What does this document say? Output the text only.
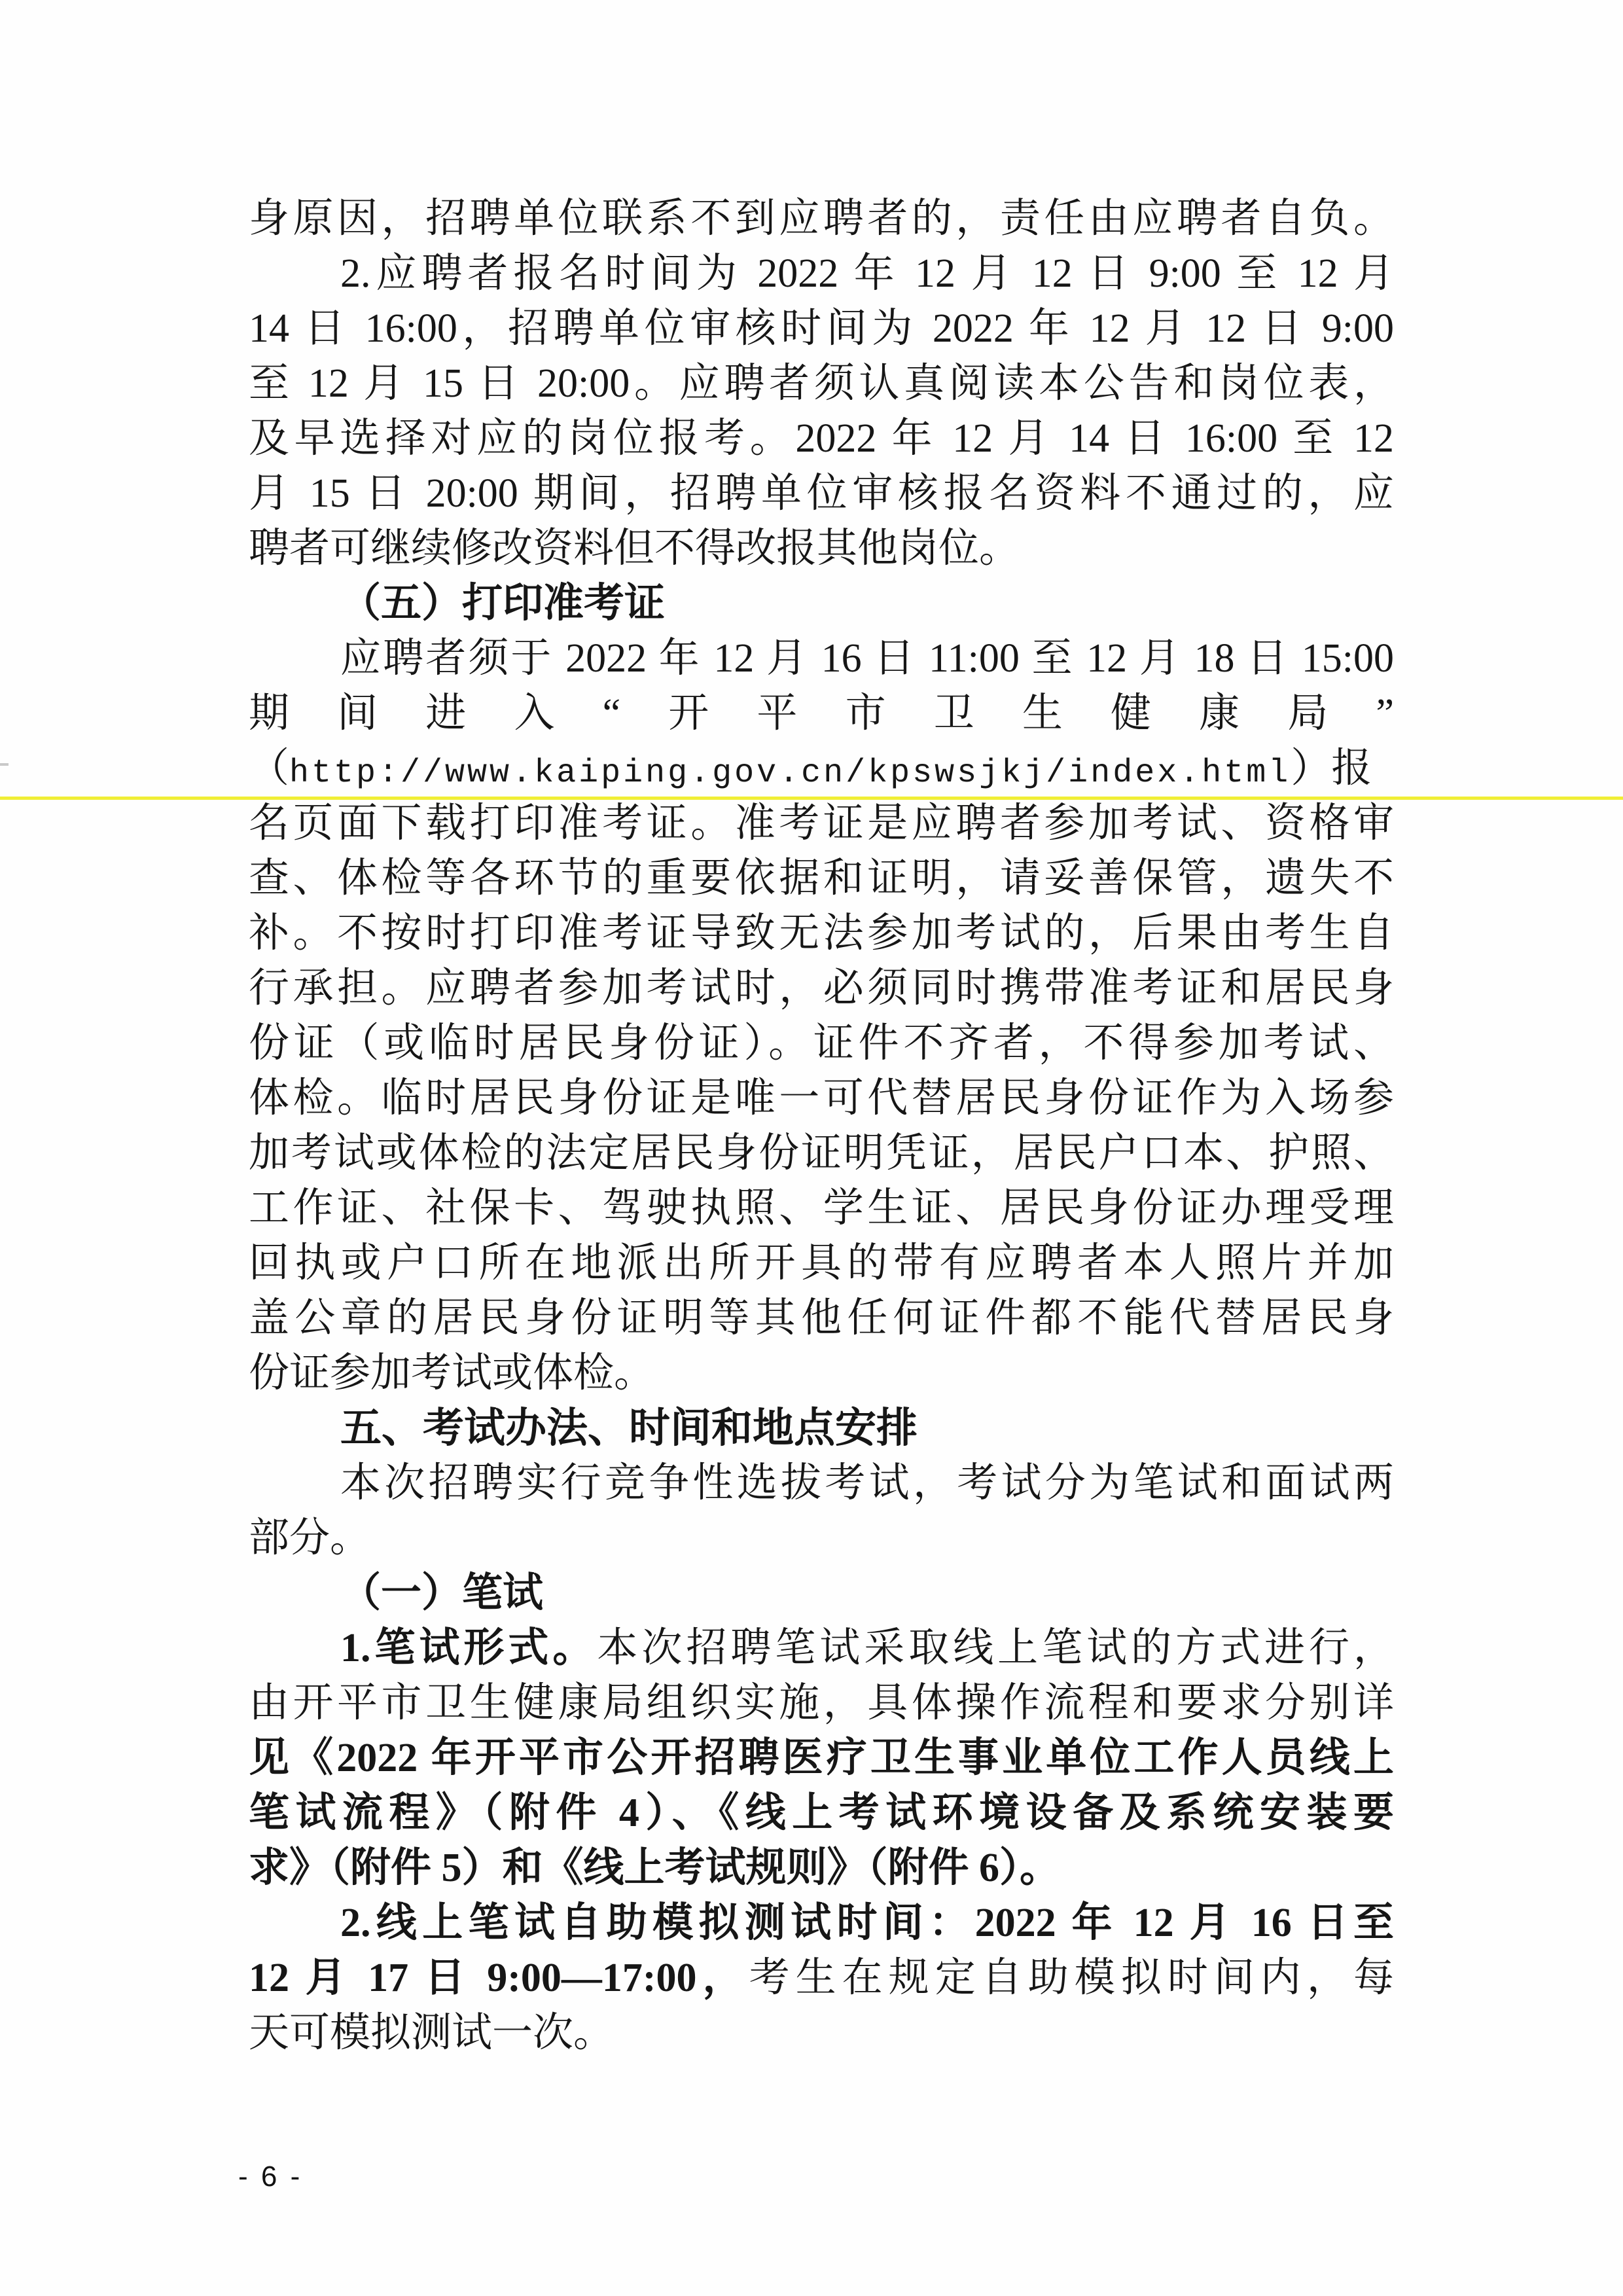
身原因，招聘单位联系不到应聘者的，责任由应聘者自负。
2.应聘者报名时间为 2022 年 12 月 12 日 9:00 至 12 月
14 日 16:00，招聘单位审核时间为 2022 年 12 月 12 日 9:00
至 12 月 15 日 20:00。应聘者须认真阅读本公告和岗位表，
及早选择对应的岗位报考。2022 年 12 月 14 日 16:00 至 12
月 15 日 20:00 期间，招聘单位审核报名资料不通过的，应
聘者可继续修改资料但不得改报其他岗位。
（五）打印准考证
应聘者须于 2022 年 12 月 16 日 11:00 至 12 月 18 日 15:00
期间进入“开平市卫生健康局”
（http://www.kaiping.gov.cn/kpswsjkj/index.html）报
名页面下载打印准考证。准考证是应聘者参加考试、资格审
查、体检等各环节的重要依据和证明，请妥善保管，遗失不
补。不按时打印准考证导致无法参加考试的，后果由考生自
行承担。应聘者参加考试时，必须同时携带准考证和居民身
份证（或临时居民身份证）。证件不齐者，不得参加考试、
体检。临时居民身份证是唯一可代替居民身份证作为入场参
加考试或体检的法定居民身份证明凭证，居民户口本、护照、
工作证、社保卡、驾驶执照、学生证、居民身份证办理受理
回执或户口所在地派出所开具的带有应聘者本人照片并加
盖公章的居民身份证明等其他任何证件都不能代替居民身
份证参加考试或体检。
五、考试办法、时间和地点安排
本次招聘实行竞争性选拔考试，考试分为笔试和面试两
部分。
（一）笔试
1.笔试形式。本次招聘笔试采取线上笔试的方式进行，
由开平市卫生健康局组织实施，具体操作流程和要求分别详
见《2022 年开平市公开招聘医疗卫生事业单位工作人员线上
笔试流程》（附件 4）、《线上考试环境设备及系统安装要
求》（附件 5）和《线上考试规则》（附件 6）。
2.线上笔试自助模拟测试时间：2022 年 12 月 16 日至
12 月 17 日 9:00—17:00，考生在规定自助模拟时间内，每
天可模拟测试一次。
- 6 -
